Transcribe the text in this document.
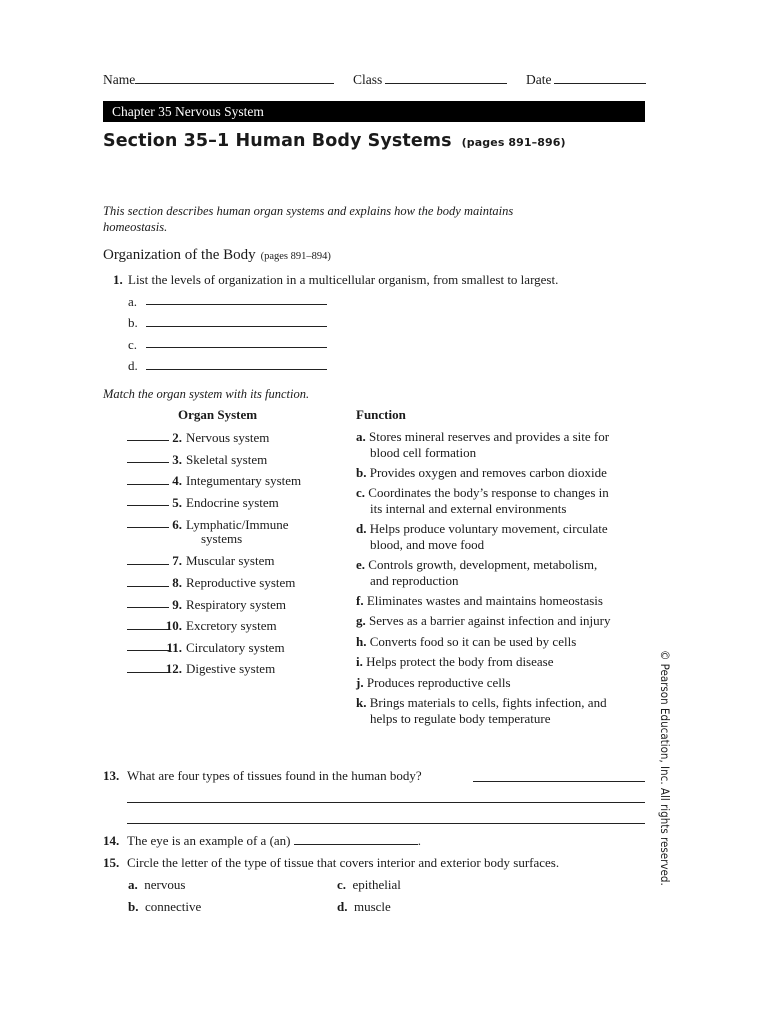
Name	Class	Date
Chapter 35 Nervous System
Section 35–1 Human Body Systems (pages 891–896)
This section describes human organ systems and explains how the body maintains homeostasis.
Organization of the Body (pages 891–894)
1. List the levels of organization in a multicellular organism, from smallest to largest.
a.
b.
c.
d.
Match the organ system with its function.
Organ System	Function
2. Nervous system
3. Skeletal system
4. Integumentary system
5. Endocrine system
6. Lymphatic/Immune
systems
7. Muscular system
8. Reproductive system
9. Respiratory system
10. Excretory system
11. Circulatory system
12. Digestive system
a. Stores mineral reserves and provides a site for
blood cell formation
b. Provides oxygen and removes carbon dioxide
c. Coordinates the body’s response to changes in
its internal and external environments
d. Helps produce voluntary movement, circulate
blood, and move food
e. Controls growth, development, metabolism,
and reproduction
f. Eliminates wastes and maintains homeostasis
g. Serves as a barrier against infection and injury
h. Converts food so it can be used by cells
i. Helps protect the body from disease
j. Produces reproductive cells
k. Brings materials to cells, fights infection, and
helps to regulate body temperature
13. What are four types of tissues found in the human body?
14. The eye is an example of a (an)	.
15. Circle the letter of the type of tissue that covers interior and exterior body surfaces.
a. nervous	c. epithelial
b. connective	d. muscle
© Pearson Education, Inc. All rights reserved.
